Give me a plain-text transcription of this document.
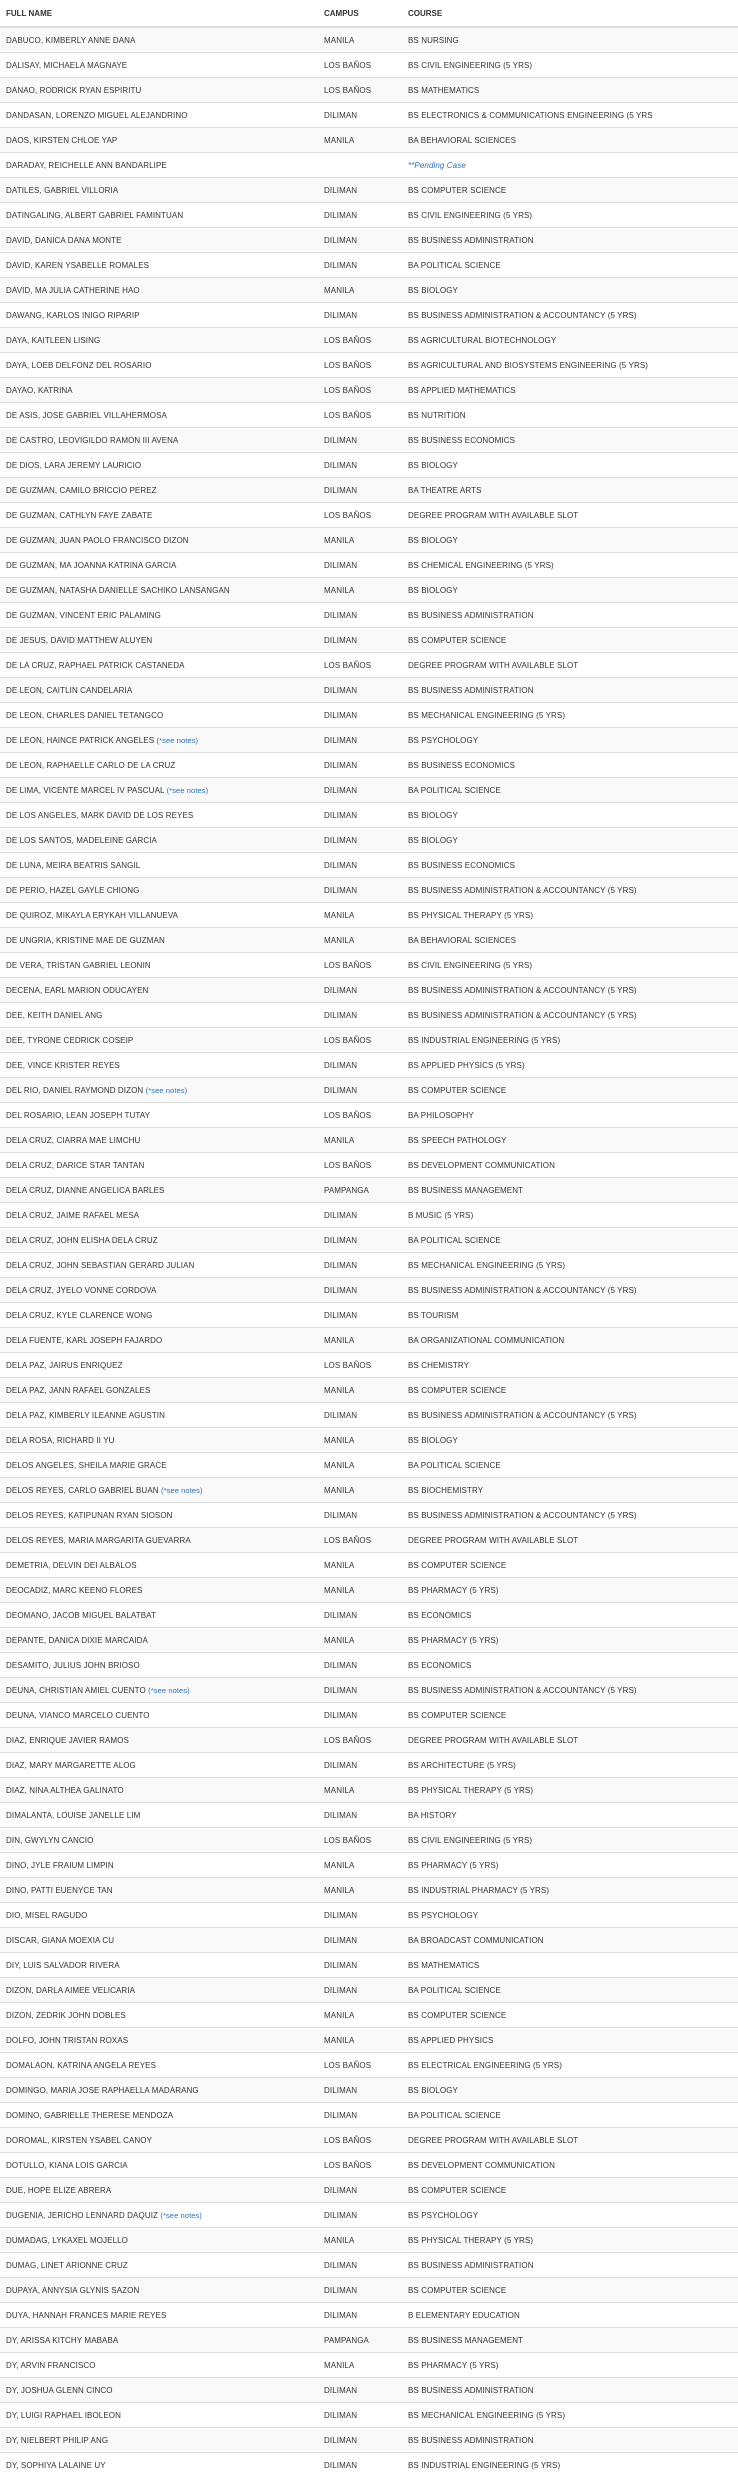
FULL NAME	CAMPUS	COURSE
DABUCO, KIMBERLY ANNE DANA	MANILA	BS NURSING
DALISAY, MICHAELA MAGNAYE	LOS BAÑOS	BS CIVIL ENGINEERING (5 YRS)
DANAO, RODRICK RYAN ESPIRITU	LOS BAÑOS	BS MATHEMATICS
DANDASAN, LORENZO MIGUEL ALEJANDRINO	DILIMAN	BS ELECTRONICS & COMMUNICATIONS ENGINEERING (5 YRS
DAOS, KIRSTEN CHLOE YAP	MANILA	BA BEHAVIORAL SCIENCES
DARADAY, REICHELLE ANN BANDARLIPE		**Pending Case
DATILES, GABRIEL VILLORIA	DILIMAN	BS COMPUTER SCIENCE
DATINGALING, ALBERT GABRIEL FAMINTUAN	DILIMAN	BS CIVIL ENGINEERING (5 YRS)
DAVID, DANICA DANA MONTE	DILIMAN	BS BUSINESS ADMINISTRATION
DAVID, KAREN YSABELLE ROMALES	DILIMAN	BA POLITICAL SCIENCE
DAVID, MA JULIA CATHERINE HAO	MANILA	BS BIOLOGY
DAWANG, KARLOS INIGO RIPARIP	DILIMAN	BS BUSINESS ADMINISTRATION & ACCOUNTANCY (5 YRS)
DAYA, KAITLEEN LISING	LOS BAÑOS	BS AGRICULTURAL BIOTECHNOLOGY
DAYA, LOEB DELFONZ DEL ROSARIO	LOS BAÑOS	BS AGRICULTURAL AND BIOSYSTEMS ENGINEERING (5 YRS)
DAYAO, KATRINA	LOS BAÑOS	BS APPLIED MATHEMATICS
DE ASIS, JOSE GABRIEL VILLAHERMOSA	LOS BAÑOS	BS NUTRITION
DE CASTRO, LEOVIGILDO RAMON III AVENA	DILIMAN	BS BUSINESS ECONOMICS
DE DIOS, LARA JEREMY LAURICIO	DILIMAN	BS BIOLOGY
DE GUZMAN, CAMILO BRICCIO PEREZ	DILIMAN	BA THEATRE ARTS
DE GUZMAN, CATHLYN FAYE ZABATE	LOS BAÑOS	DEGREE PROGRAM WITH AVAILABLE SLOT
DE GUZMAN, JUAN PAOLO FRANCISCO DIZON	MANILA	BS BIOLOGY
DE GUZMAN, MA JOANNA KATRINA GARCIA	DILIMAN	BS CHEMICAL ENGINEERING (5 YRS)
DE GUZMAN, NATASHA DANIELLE SACHIKO LANSANGAN	MANILA	BS BIOLOGY
DE GUZMAN, VINCENT ERIC PALAMING	DILIMAN	BS BUSINESS ADMINISTRATION
DE JESUS, DAVID MATTHEW ALUYEN	DILIMAN	BS COMPUTER SCIENCE
DE LA CRUZ, RAPHAEL PATRICK CASTANEDA	LOS BAÑOS	DEGREE PROGRAM WITH AVAILABLE SLOT
DE LEON, CAITLIN CANDELARIA	DILIMAN	BS BUSINESS ADMINISTRATION
DE LEON, CHARLES DANIEL TETANGCO	DILIMAN	BS MECHANICAL ENGINEERING (5 YRS)
DE LEON, HAINCE PATRICK ANGELES (*see notes)	DILIMAN	BS PSYCHOLOGY
DE LEON, RAPHAELLE CARLO DE LA CRUZ	DILIMAN	BS BUSINESS ECONOMICS
DE LIMA, VICENTE MARCEL IV PASCUAL (*see notes)	DILIMAN	BA POLITICAL SCIENCE
DE LOS ANGELES, MARK DAVID DE LOS REYES	DILIMAN	BS BIOLOGY
DE LOS SANTOS, MADELEINE GARCIA	DILIMAN	BS BIOLOGY
DE LUNA, MEIRA BEATRIS SANGIL	DILIMAN	BS BUSINESS ECONOMICS
DE PERIO, HAZEL GAYLE CHIONG	DILIMAN	BS BUSINESS ADMINISTRATION & ACCOUNTANCY (5 YRS)
DE QUIROZ, MIKAYLA ERYKAH VILLANUEVA	MANILA	BS PHYSICAL THERAPY (5 YRS)
DE UNGRIA, KRISTINE MAE DE GUZMAN	MANILA	BA BEHAVIORAL SCIENCES
DE VERA, TRISTAN GABRIEL LEONIN	LOS BAÑOS	BS CIVIL ENGINEERING (5 YRS)
DECENA, EARL MARION ODUCAYEN	DILIMAN	BS BUSINESS ADMINISTRATION & ACCOUNTANCY (5 YRS)
DEE, KEITH DANIEL ANG	DILIMAN	BS BUSINESS ADMINISTRATION & ACCOUNTANCY (5 YRS)
DEE, TYRONE CEDRICK COSEIP	LOS BAÑOS	BS INDUSTRIAL ENGINEERING (5 YRS)
DEE, VINCE KRISTER REYES	DILIMAN	BS APPLIED PHYSICS (5 YRS)
DEL RIO, DANIEL RAYMOND DIZON (*see notes)	DILIMAN	BS COMPUTER SCIENCE
DEL ROSARIO, LEAN JOSEPH TUTAY	LOS BAÑOS	BA PHILOSOPHY
DELA CRUZ, CIARRA MAE LIMCHU	MANILA	BS SPEECH PATHOLOGY
DELA CRUZ, DARICE STAR TANTAN	LOS BAÑOS	BS DEVELOPMENT COMMUNICATION
DELA CRUZ, DIANNE ANGELICA BARLES	PAMPANGA	BS BUSINESS MANAGEMENT
DELA CRUZ, JAIME RAFAEL MESA	DILIMAN	B MUSIC (5 YRS)
DELA CRUZ, JOHN ELISHA DELA CRUZ	DILIMAN	BA POLITICAL SCIENCE
DELA CRUZ, JOHN SEBASTIAN GERARD JULIAN	DILIMAN	BS MECHANICAL ENGINEERING (5 YRS)
DELA CRUZ, JYELO VONNE CORDOVA	DILIMAN	BS BUSINESS ADMINISTRATION & ACCOUNTANCY (5 YRS)
DELA CRUZ, KYLE CLARENCE WONG	DILIMAN	BS TOURISM
DELA FUENTE, KARL JOSEPH FAJARDO	MANILA	BA ORGANIZATIONAL COMMUNICATION
DELA PAZ, JAIRUS ENRIQUEZ	LOS BAÑOS	BS CHEMISTRY
DELA PAZ, JANN RAFAEL GONZALES	MANILA	BS COMPUTER SCIENCE
DELA PAZ, KIMBERLY ILEANNE AGUSTIN	DILIMAN	BS BUSINESS ADMINISTRATION & ACCOUNTANCY (5 YRS)
DELA ROSA, RICHARD II YU	MANILA	BS BIOLOGY
DELOS ANGELES, SHEILA MARIE GRACE	MANILA	BA POLITICAL SCIENCE
DELOS REYES, CARLO GABRIEL BUAN (*see notes)	MANILA	BS BIOCHEMISTRY
DELOS REYES, KATIPUNAN RYAN SIOSON	DILIMAN	BS BUSINESS ADMINISTRATION & ACCOUNTANCY (5 YRS)
DELOS REYES, MARIA MARGARITA GUEVARRA	LOS BAÑOS	DEGREE PROGRAM WITH AVAILABLE SLOT
DEMETRIA, DELVIN DEI ALBALOS	MANILA	BS COMPUTER SCIENCE
DEOCADIZ, MARC KEENO FLORES	MANILA	BS PHARMACY (5 YRS)
DEOMANO, JACOB MIGUEL BALATBAT	DILIMAN	BS ECONOMICS
DEPANTE, DANICA DIXIE MARCAIDA	MANILA	BS PHARMACY (5 YRS)
DESAMITO, JULIUS JOHN BRIOSO	DILIMAN	BS ECONOMICS
DEUNA, CHRISTIAN AMIEL CUENTO (*see notes)	DILIMAN	BS BUSINESS ADMINISTRATION & ACCOUNTANCY (5 YRS)
DEUNA, VIANCO MARCELO CUENTO	DILIMAN	BS COMPUTER SCIENCE
DIAZ, ENRIQUE JAVIER RAMOS	LOS BAÑOS	DEGREE PROGRAM WITH AVAILABLE SLOT
DIAZ, MARY MARGARETTE ALOG	DILIMAN	BS ARCHITECTURE (5 YRS)
DIAZ, NINA ALTHEA GALINATO	MANILA	BS PHYSICAL THERAPY (5 YRS)
DIMALANTA, LOUISE JANELLE LIM	DILIMAN	BA HISTORY
DIN, GWYLYN CANCIO	LOS BAÑOS	BS CIVIL ENGINEERING (5 YRS)
DINO, JYLE FRAIUM LIMPIN	MANILA	BS PHARMACY (5 YRS)
DINO, PATTI EUENYCE TAN	MANILA	BS INDUSTRIAL PHARMACY (5 YRS)
DIO, MISEL RAGUDO	DILIMAN	BS PSYCHOLOGY
DISCAR, GIANA MOEXIA CU	DILIMAN	BA BROADCAST COMMUNICATION
DIY, LUIS SALVADOR RIVERA	DILIMAN	BS MATHEMATICS
DIZON, DARLA AIMEE VELICARIA	DILIMAN	BA POLITICAL SCIENCE
DIZON, ZEDRIK JOHN DOBLES	MANILA	BS COMPUTER SCIENCE
DOLFO, JOHN TRISTAN ROXAS	MANILA	BS APPLIED PHYSICS
DOMALAON, KATRINA ANGELA REYES	LOS BAÑOS	BS ELECTRICAL ENGINEERING (5 YRS)
DOMINGO, MARIA JOSE RAPHAELLA MADARANG	DILIMAN	BS BIOLOGY
DOMINO, GABRIELLE THERESE MENDOZA	DILIMAN	BA POLITICAL SCIENCE
DOROMAL, KIRSTEN YSABEL CANOY	LOS BAÑOS	DEGREE PROGRAM WITH AVAILABLE SLOT
DOTULLO, KIANA LOIS GARCIA	LOS BAÑOS	BS DEVELOPMENT COMMUNICATION
DUE, HOPE ELIZE ABRERA	DILIMAN	BS COMPUTER SCIENCE
DUGENIA, JERICHO LENNARD DAQUIZ (*see notes)	DILIMAN	BS PSYCHOLOGY
DUMADAG, LYKAXEL MOJELLO	MANILA	BS PHYSICAL THERAPY (5 YRS)
DUMAG, LINET ARIONNE CRUZ	DILIMAN	BS BUSINESS ADMINISTRATION
DUPAYA, ANNYSIA GLYNIS SAZON	DILIMAN	BS COMPUTER SCIENCE
DUYA, HANNAH FRANCES MARIE REYES	DILIMAN	B ELEMENTARY EDUCATION
DY, ARISSA KITCHY MABABA	PAMPANGA	BS BUSINESS MANAGEMENT
DY, ARVIN FRANCISCO	MANILA	BS PHARMACY (5 YRS)
DY, JOSHUA GLENN CINCO	DILIMAN	BS BUSINESS ADMINISTRATION
DY, LUIGI RAPHAEL IBOLEON	DILIMAN	BS MECHANICAL ENGINEERING (5 YRS)
DY, NIELBERT PHILIP ANG	DILIMAN	BS BUSINESS ADMINISTRATION
DY, SOPHIYA LALAINE UY	DILIMAN	BS INDUSTRIAL ENGINEERING (5 YRS)
